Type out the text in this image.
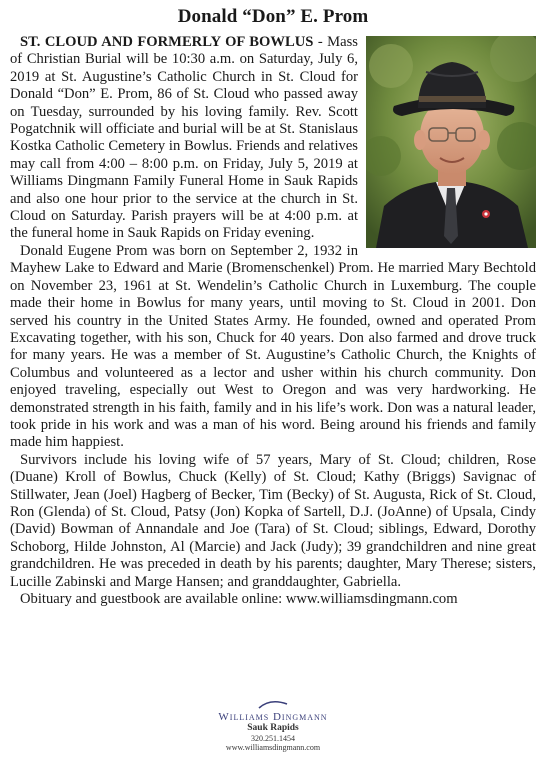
Donald “Don” E. Prom

ST. CLOUD AND FORMERLY OF BOWLUS - Mass of Christian Burial will be 10:30 a.m. on Saturday, July 6, 2019 at St. Augustine’s Catholic Church in St. Cloud for Donald “Don” E. Prom, 86 of St. Cloud who passed away on Tuesday, surrounded by his loving family. Rev. Scott Pogatchnik will officiate and burial will be at St. Stanislaus Kostka Catholic Cemetery in Bowlus. Friends and relatives may call from 4:00 – 8:00 p.m. on Friday, July 5, 2019 at Williams Dingmann Family Funeral Home in Sauk Rapids and also one hour prior to the service at the church in St. Cloud on Saturday. Parish prayers will be at 4:00 p.m. at the funeral home in Sauk Rapids on Friday evening.

Donald Eugene Prom was born on September 2, 1932 in Mayhew Lake to Edward and Marie (Bromenschenkel) Prom. He married Mary Bechtold on November 23, 1961 at St. Wendelin’s Catholic Church in Luxemburg. The couple made their home in Bowlus for many years, until moving to St. Cloud in 2001. Don served his country in the United States Army. He founded, owned and operated Prom Excavating together, with his son, Chuck for 40 years. Don also farmed and drove truck for many years. He was a member of St. Augustine’s Catholic Church, the Knights of Columbus and volunteered as a lector and usher within his church community. Don enjoyed traveling, especially out West to Oregon and was very hardworking. He demonstrated strength in his faith, family and in his life’s work. Don was a natural leader, took pride in his work and was a man of his word. Being around his friends and family made him happiest.

Survivors include his loving wife of 57 years, Mary of St. Cloud; children, Rose (Duane) Kroll of Bowlus, Chuck (Kelly) of St. Cloud; Kathy (Briggs) Savignac of Stillwater, Jean (Joel) Hagberg of Becker, Tim (Becky) of St. Augusta, Rick of St. Cloud, Ron (Glenda) of St. Cloud, Patsy (Jon) Kopka of Sartell, D.J. (JoAnne) of Upsala, Cindy (David) Bowman of Annandale and Joe (Tara) of St. Cloud; siblings, Edward, Dorothy Schoborg, Hilde Johnston, Al (Marcie) and Jack (Judy); 39 grandchildren and nine great grandchildren. He was preceded in death by his parents; daughter, Mary Therese; sisters, Lucille Zabinski and Marge Hansen; and granddaughter, Gabriella.

Obituary and guestbook are available online: www.williamsdingmann.com

Williams Dingmann
Sauk Rapids
320.251.1454
www.williamsdingmann.com
